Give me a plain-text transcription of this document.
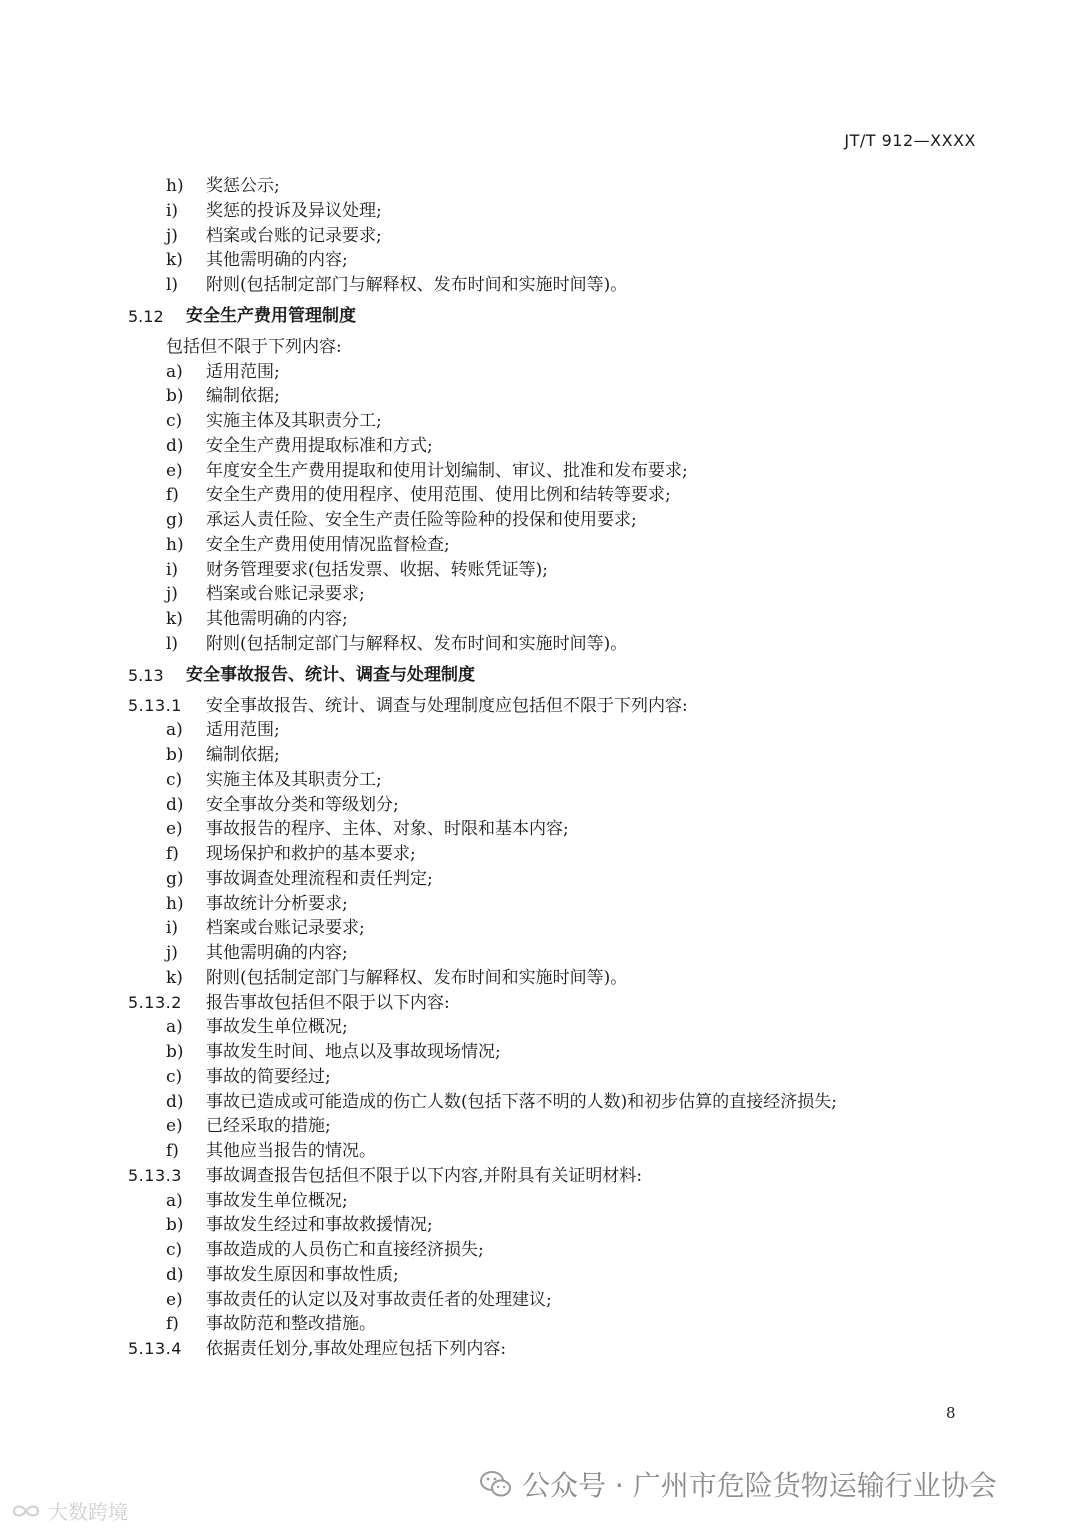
JT/T 912—XXXX
h) 奖惩公示;
i) 奖惩的投诉及异议处理;
j) 档案或台账的记录要求;
k) 其他需明确的内容;
l) 附则(包括制定部门与解释权、发布时间和实施时间等)。
5.12 安全生产费用管理制度
包括但不限于下列内容:
a) 适用范围;
b) 编制依据;
c) 实施主体及其职责分工;
d) 安全生产费用提取标准和方式;
e) 年度安全生产费用提取和使用计划编制、审议、批准和发布要求;
f) 安全生产费用的使用程序、使用范围、使用比例和结转等要求;
g) 承运人责任险、安全生产责任险等险种的投保和使用要求;
h) 安全生产费用使用情况监督检查;
i) 财务管理要求(包括发票、收据、转账凭证等);
j) 档案或台账记录要求;
k) 其他需明确的内容;
l) 附则(包括制定部门与解释权、发布时间和实施时间等)。
5.13 安全事故报告、统计、调查与处理制度
5.13.1 安全事故报告、统计、调查与处理制度应包括但不限于下列内容:
a) 适用范围;
b) 编制依据;
c) 实施主体及其职责分工;
d) 安全事故分类和等级划分;
e) 事故报告的程序、主体、对象、时限和基本内容;
f) 现场保护和救护的基本要求;
g) 事故调查处理流程和责任判定;
h) 事故统计分析要求;
i) 档案或台账记录要求;
j) 其他需明确的内容;
k) 附则(包括制定部门与解释权、发布时间和实施时间等)。
5.13.2 报告事故包括但不限于以下内容:
a) 事故发生单位概况;
b) 事故发生时间、地点以及事故现场情况;
c) 事故的简要经过;
d) 事故已造成或可能造成的伤亡人数(包括下落不明的人数)和初步估算的直接经济损失;
e) 已经采取的措施;
f) 其他应当报告的情况。
5.13.3 事故调查报告包括但不限于以下内容,并附具有关证明材料:
a) 事故发生单位概况;
b) 事故发生经过和事故救援情况;
c) 事故造成的人员伤亡和直接经济损失;
d) 事故发生原因和事故性质;
e) 事故责任的认定以及对事故责任者的处理建议;
f) 事故防范和整改措施。
5.13.4 依据责任划分,事故处理应包括下列内容:
8
大数跨境
公众号 · 广州市危险货物运输行业协会
